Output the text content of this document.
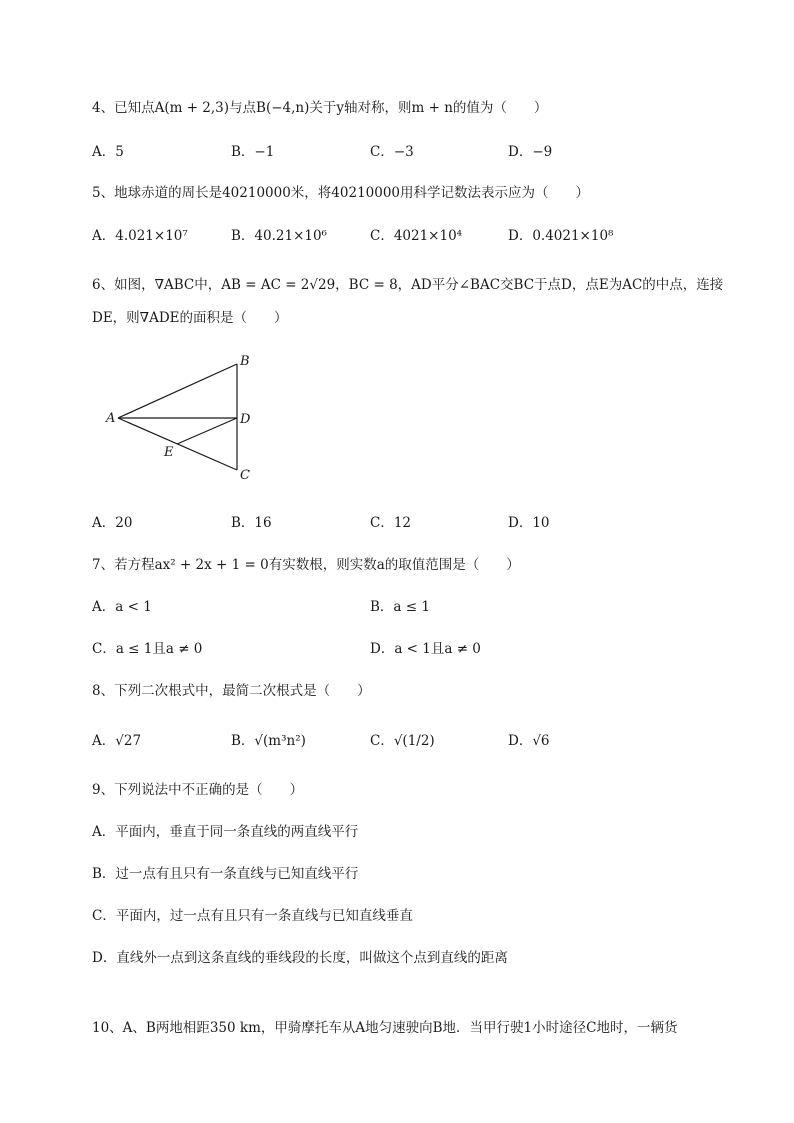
4、已知点A(m + 2,3)与点B(−4,n)关于y轴对称，则m + n的值为（　　）
A．5	B．−1	C．−3	D．−9
5、地球赤道的周长是40210000米，将40210000用科学记数法表示应为（　　）
A．4.021×10⁷	B．40.21×10⁶	C．4021×10⁴	D．0.4021×10⁸
6、如图，∇ABC中，AB = AC = 2√29，BC = 8，AD平分∠BAC交BC于点D，点E为AC的中点，连接
DE，则∇ADE的面积是（　　）
A
B
D
E
C
A．20	B．16	C．12	D．10
7、若方程ax² + 2x + 1 = 0有实数根，则实数a的取值范围是（　　）
A．a < 1	B．a ≤ 1
C．a ≤ 1且a ≠ 0	D．a < 1且a ≠ 0
8、下列二次根式中，最简二次根式是（　　）
A．√27	B．√(m³n²)	C．√(1/2)	D．√6
9、下列说法中不正确的是（　　）
A．平面内，垂直于同一条直线的两直线平行
B．过一点有且只有一条直线与已知直线平行
C．平面内，过一点有且只有一条直线与已知直线垂直
D．直线外一点到这条直线的垂线段的长度，叫做这个点到直线的距离
10、A、B两地相距350 km，甲骑摩托车从A地匀速驶向B地．当甲行驶1小时途径C地时，一辆货
